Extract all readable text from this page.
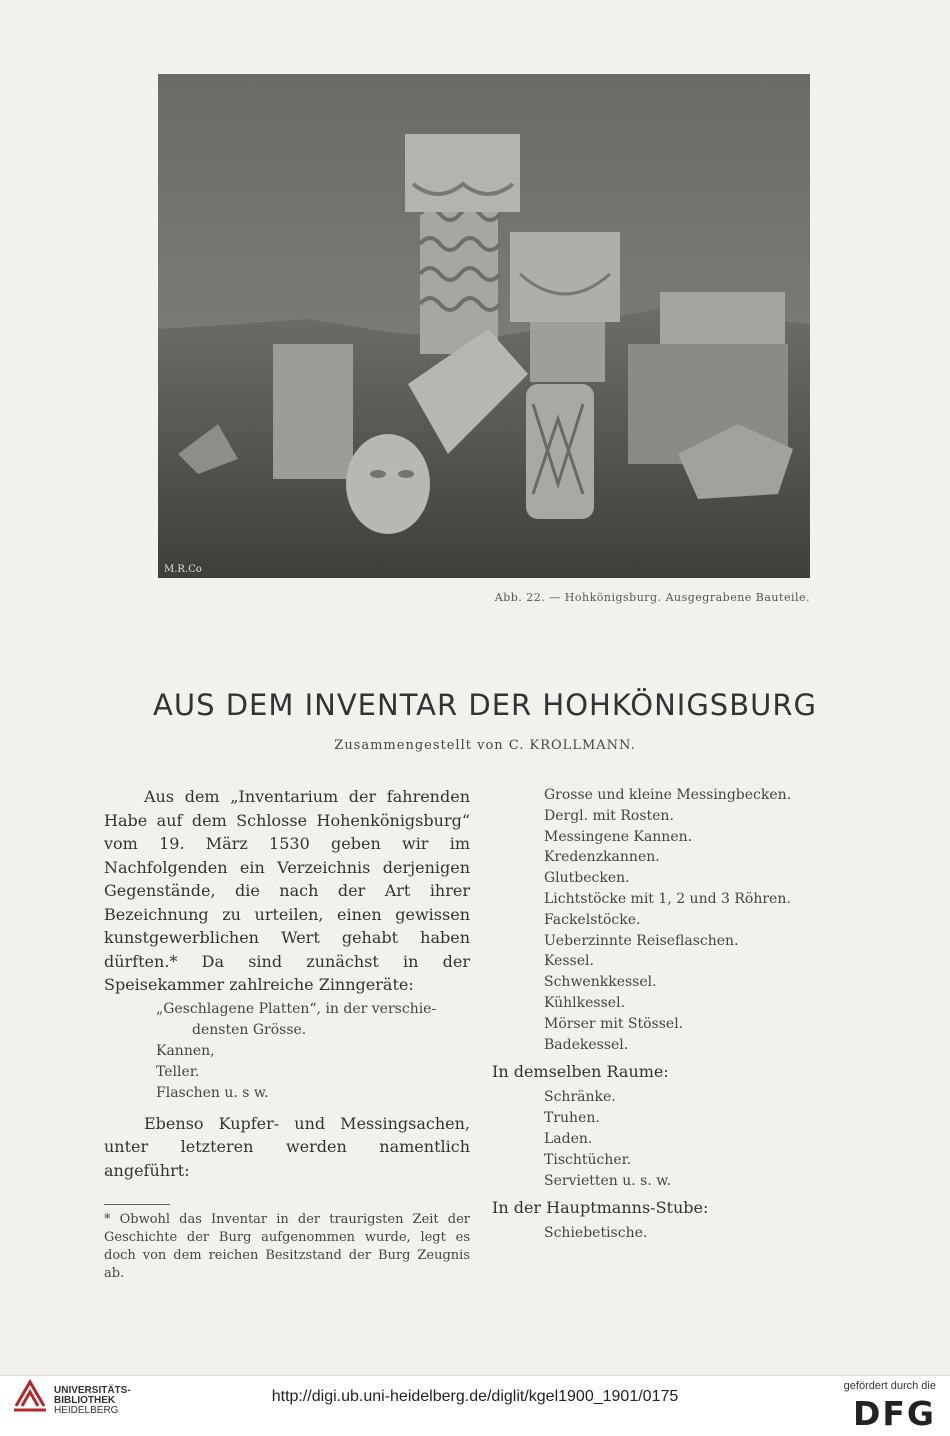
M.R.Co
Abb. 22. — Hohkönigsburg. Ausgegrabene Bauteile.
AUS DEM INVENTAR DER HOHKÖNIGSBURG
Zusammengestellt von C. KROLLMANN.

Aus dem „Inventarium der fahrenden Habe auf dem Schlosse Hohenkönigsburg“ vom 19. März 1530 geben wir im Nachfolgenden ein Verzeichnis derjenigen Gegenstände, die nach der Art ihrer Bezeichnung zu urteilen, einen gewissen kunstgewerblichen Wert gehabt haben dürften.* Da sind zunächst in der Speisekammer zahlreiche Zinngeräte:

„Geschlagene Platten“, in der verschie-
densten Grösse.
Kannen,
Teller.
Flaschen u. s w.

Ebenso Kupfer- und Messingsachen, unter letzteren werden namentlich angeführt:

* Obwohl das Inventar in der traurigsten Zeit der Geschichte der Burg aufgenommen wurde, legt es doch von dem reichen Besitzstand der Burg Zeugnis ab.
Grosse und kleine Messingbecken.
Dergl. mit Rosten.
Messingene Kannen.
Kredenzkannen.
Glutbecken.
Lichtstöcke mit 1, 2 und 3 Röhren.
Fackelstöcke.
Ueberzinnte Reiseflaschen.
Kessel.
Schwenkkessel.
Kühlkessel.
Mörser mit Stössel.
Badekessel.
In demselben Raume:
Schränke.
Truhen.
Laden.
Tischtücher.
Servietten u. s. w.
In der Hauptmanns-Stube:
Schiebetische.
UNIVERSITÄTS-
BIBLIOTHEK
HEIDELBERG
http://digi.ub.uni-heidelberg.de/diglit/kgel1900_1901/0175
gefördert durch die
DFG
